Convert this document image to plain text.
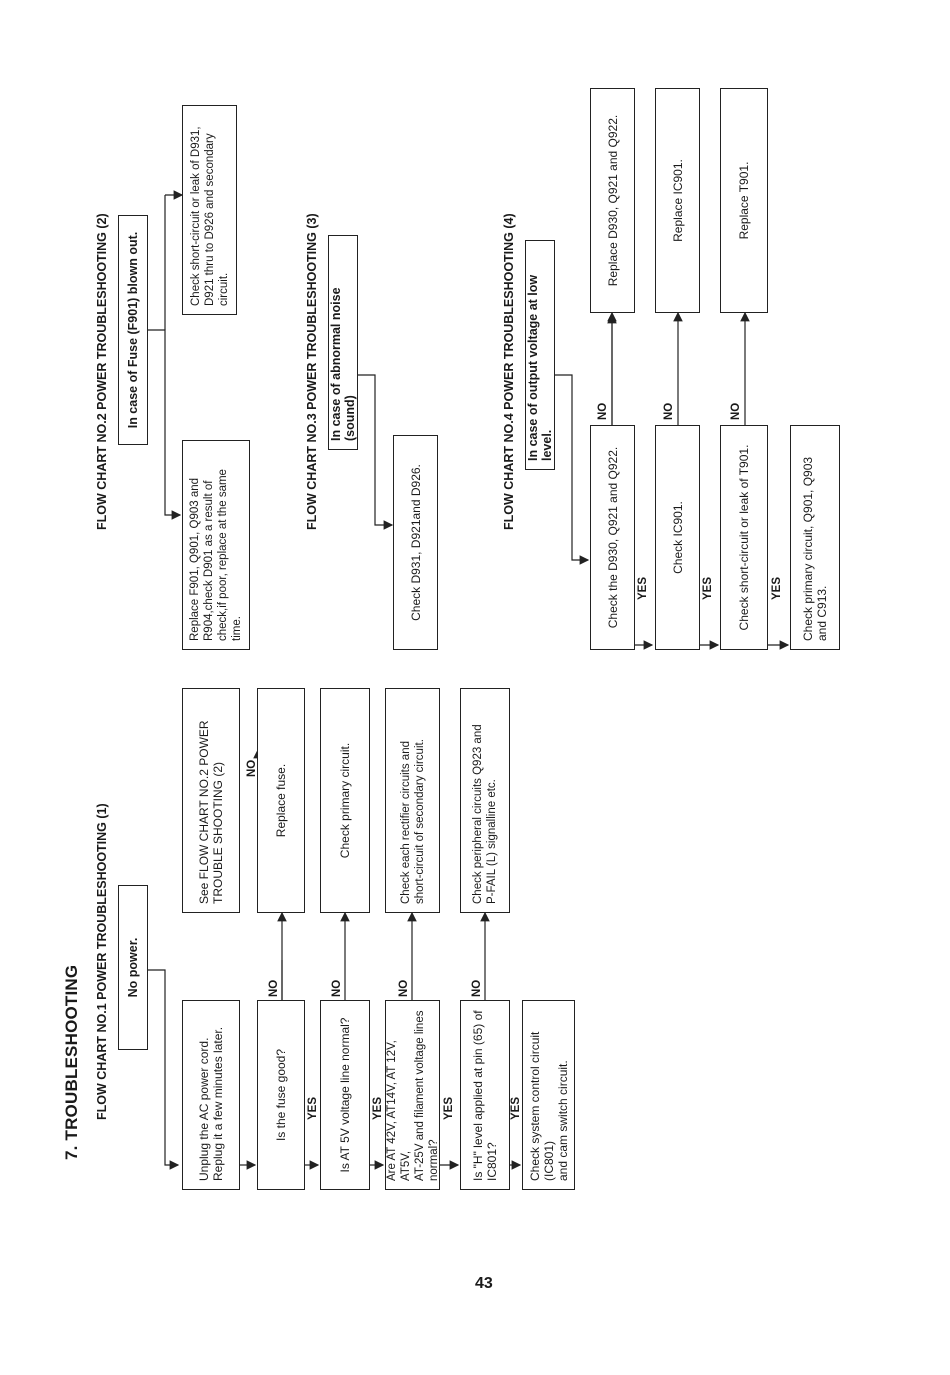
7. TROUBLESHOOTING FLOW CHART NO.1 POWER TROUBLESHOOTING (1)	No power.
Unplug the AC power cord.
Replug it a few minutes later.
Is the fuse good?	Is AT 5V voltage line normal?	Are AT 42V, AT14V, AT 12V, AT5V,
AT-25V and filament voltage lines
normal?	Is "H" level applied at pin (65) of
IC801?	Check system control circuit (IC801)
and cam switch circuit.
See FLOW CHART NO.2 POWER
TROUBLE SHOOTING (2)	Replace fuse.	Check primary circuit.
Check each rectifier circuits and
short-circuit of secondary circuit.
Check peripheral circuits Q923 and
P-FAIL (L) signalline etc.
NO	NO	NO	NO
NO
YES	YES	YES	YES
FLOW CHART NO.2 POWER TROUBLESHOOTING (2)	In case of Fuse (F901) blown out.
Replace F901, Q901, Q903 and
R904,check D901 as a result of
check,if poor, replace at the same
time.
Check short-circuit or leak of D931,
D921 thru to D926 and secondary
circuit.	FLOW CHART NO.3 POWER TROUBLESHOOTING (3) In case of abnormal noise (sound)
Check D931, D921and D926.
FLOW CHART NO.4 POWER TROUBLESHOOTING (4) In case of output voltage at low level.
Check the D930, Q921 and Q922.	Check IC901.	Check short-circuit or leak of T901.	Check primary circuit, Q901, Q903
and C913.
Replace D930, Q921 and Q922.	Replace IC901.	Replace T901.
NO	NO	NO
YES	YES	YES
43
